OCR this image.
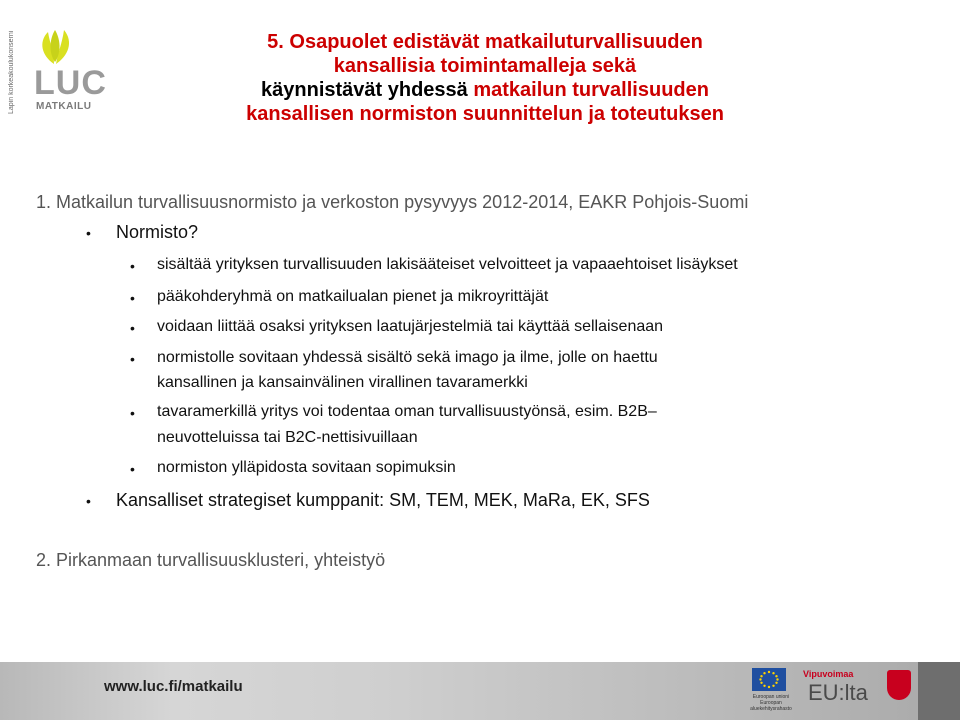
Lapin korkeakoulukonserni LUC
MATKAILU
5. Osapuolet edistävät matkailuturvallisuuden
kansallisia toimintamalleja sekä
käynnistävät yhdessä matkailun turvallisuuden
kansallisen normiston suunnittelun ja toteutuksen
1. Matkailun turvallisuusnormisto ja verkoston pysyvyys 2012-2014, EAKR Pohjois-Suomi
• Normisto?
• sisältää yrityksen turvallisuuden lakisääteiset velvoitteet ja vapaaehtoiset lisäykset
• pääkohderyhmä on matkailualan pienet ja mikroyrittäjät
• voidaan liittää osaksi yrityksen laatujärjestelmiä tai käyttää sellaisenaan
• normistolle sovitaan yhdessä sisältö sekä imago ja ilme, jolle on haettu
kansallinen ja kansainvälinen virallinen tavaramerkki
• tavaramerkillä yritys voi todentaa oman turvallisuustyönsä, esim. B2B–
neuvotteluissa tai B2C-nettisivuillaan
• normiston ylläpidosta sovitaan sopimuksin
• Kansalliset strategiset kumppanit: SM, TEM, MEK, MaRa, EK, SFS
2. Pirkanmaan turvallisuusklusteri, yhteistyö
www.luc.fi/matkailu
Euroopan unioni Euroopan aluekehitysrahasto
Vipuvoimaa
EU:lta
